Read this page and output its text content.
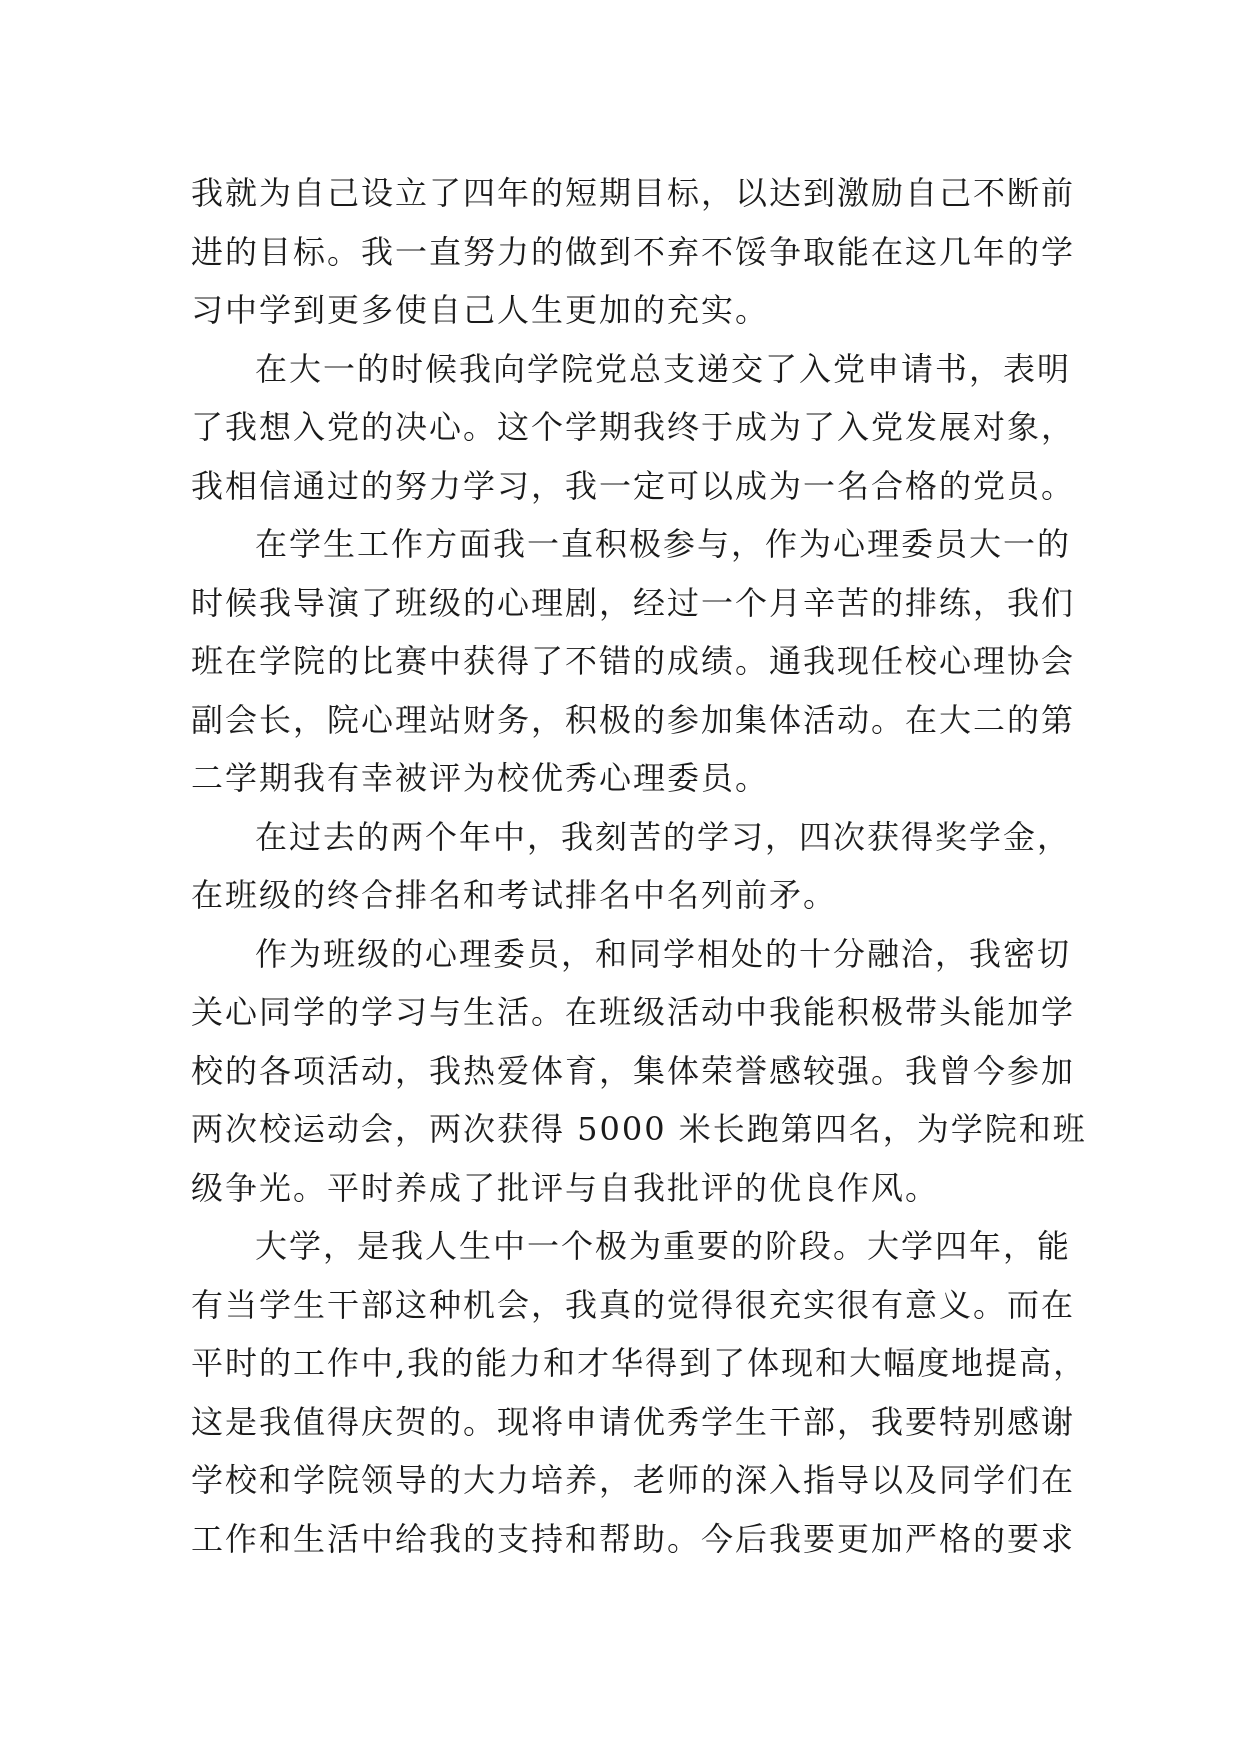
我就为自己设立了四年的短期目标，以达到激励自己不断前
进的目标。我一直努力的做到不弃不馁争取能在这几年的学
习中学到更多使自己人生更加的充实。
在大一的时候我向学院党总支递交了入党申请书，表明
了我想入党的决心。这个学期我终于成为了入党发展对象，
我相信通过的努力学习，我一定可以成为一名合格的党员。
在学生工作方面我一直积极参与，作为心理委员大一的
时候我导演了班级的心理剧，经过一个月辛苦的排练，我们
班在学院的比赛中获得了不错的成绩。通我现任校心理协会
副会长，院心理站财务，积极的参加集体活动。在大二的第
二学期我有幸被评为校优秀心理委员。
在过去的两个年中，我刻苦的学习，四次获得奖学金，
在班级的终合排名和考试排名中名列前矛。
作为班级的心理委员，和同学相处的十分融洽，我密切
关心同学的学习与生活。在班级活动中我能积极带头能加学
校的各项活动，我热爱体育，集体荣誉感较强。我曾今参加
两次校运动会，两次获得 5000 米长跑第四名，为学院和班
级争光。平时养成了批评与自我批评的优良作风。
大学，是我人生中一个极为重要的阶段。大学四年，能
有当学生干部这种机会，我真的觉得很充实很有意义。而在
平时的工作中,我的能力和才华得到了体现和大幅度地提高，
这是我值得庆贺的。现将申请优秀学生干部，我要特别感谢
学校和学院领导的大力培养，老师的深入指导以及同学们在
工作和生活中给我的支持和帮助。今后我要更加严格的要求
